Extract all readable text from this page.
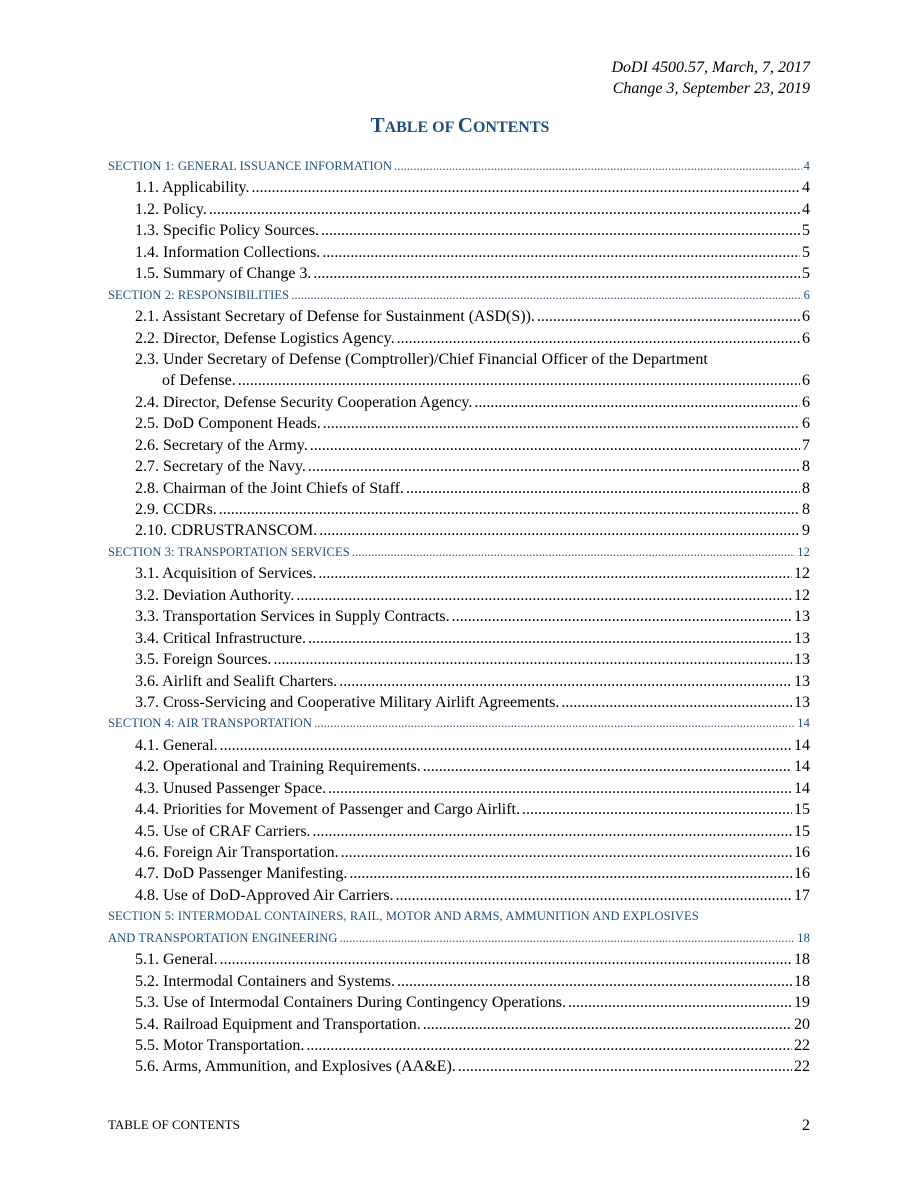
DoDI 4500.57, March, 7, 2017
Change 3, September 23, 2019
TABLE OF CONTENTS
SECTION 1: GENERAL ISSUANCE INFORMATION .....	4
1.1. Applicability. .....	4
1.2. Policy. .....	4
1.3. Specific Policy Sources. .....	5
1.4. Information Collections. .....	5
1.5. Summary of Change 3. .....	5
SECTION 2: RESPONSIBILITIES .....	6
2.1. Assistant Secretary of Defense for Sustainment (ASD(S)). .....	6
2.2. Director, Defense Logistics Agency. .....	6
2.3. Under Secretary of Defense (Comptroller)/Chief Financial Officer of the Department
of Defense. .....	6
2.4. Director, Defense Security Cooperation Agency. .....	6
2.5. DoD Component Heads. .....	6
2.6. Secretary of the Army. .....	7
2.7. Secretary of the Navy. .....	8
2.8. Chairman of the Joint Chiefs of Staff. .....	8
2.9. CCDRs. .....	8
2.10. CDRUSTRANSCOM. .....	9
SECTION 3: TRANSPORTATION SERVICES .....	12
3.1. Acquisition of Services. .....	12
3.2. Deviation Authority. .....	12
3.3. Transportation Services in Supply Contracts. .....	13
3.4. Critical Infrastructure. .....	13
3.5. Foreign Sources. .....	13
3.6. Airlift and Sealift Charters. .....	13
3.7. Cross-Servicing and Cooperative Military Airlift Agreements. .....	13
SECTION 4: AIR TRANSPORTATION .....	14
4.1. General. .....	14
4.2. Operational and Training Requirements. .....	14
4.3. Unused Passenger Space. .....	14
4.4. Priorities for Movement of Passenger and Cargo Airlift. .....	15
4.5. Use of CRAF Carriers. .....	15
4.6. Foreign Air Transportation. .....	16
4.7. DoD Passenger Manifesting. .....	16
4.8. Use of DoD-Approved Air Carriers. .....	17
SECTION 5: INTERMODAL CONTAINERS, RAIL, MOTOR AND ARMS, AMMUNITION AND EXPLOSIVES
AND TRANSPORTATION ENGINEERING .....	18
5.1. General. .....	18
5.2. Intermodal Containers and Systems. .....	18
5.3. Use of Intermodal Containers During Contingency Operations. .....	19
5.4. Railroad Equipment and Transportation. .....	20
5.5. Motor Transportation. .....	22
5.6. Arms, Ammunition, and Explosives (AA&E). .....	22
TABLE OF CONTENTS	2
